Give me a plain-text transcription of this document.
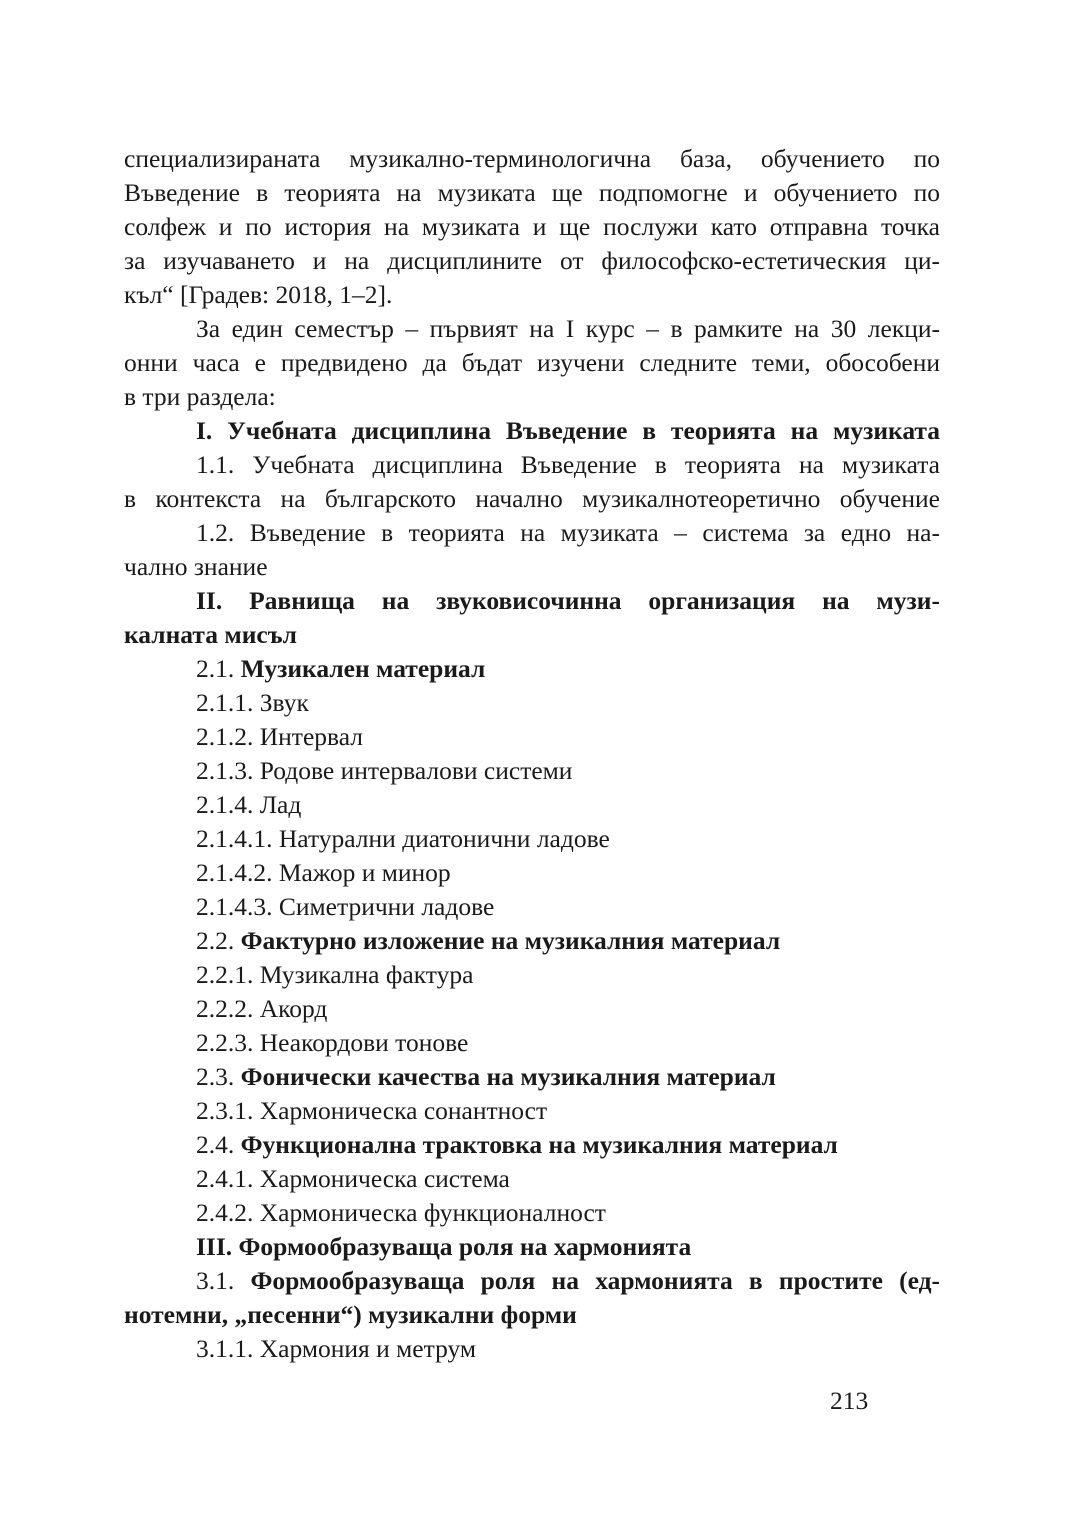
специализираната музикално-терминологична база, обучението по
Въведение в теорията на музиката ще подпомогне и обучението по
солфеж и по история на музиката и ще послужи като отправна точка
за изучаването и на дисциплините от философско-естетическия ци-
къл“ [Градев: 2018, 1–2].
За един семестър – първият на I курс – в рамките на 30 лекци-
онни часа е предвидено да бъдат изучени следните теми, обособени
в три раздела:
I. Учебната дисциплина Въведение в теорията на музиката
1.1. Учебната дисциплина Въведение в теорията на музиката
в контекста на българското начално музикалнотеоретично обучение
1.2. Въведение в теорията на музиката – система за едно на-
чално знание
II. Равнища на звуковисочинна организация на музи-
калната мисъл
2.1. Музикален материал
2.1.1. Звук
2.1.2. Интервал
2.1.3. Родове интервалови системи
2.1.4. Лад
2.1.4.1. Натурални диатонични ладове
2.1.4.2. Мажор и минор
2.1.4.3. Симетрични ладове
2.2. Фактурно изложение на музикалния материал
2.2.1. Музикална фактура
2.2.2. Акорд
2.2.3. Неакордови тонове
2.3. Фонически качества на музикалния материал
2.3.1. Хармоническа сонантност
2.4. Функционална трактовка на музикалния материал
2.4.1. Хармоническа система
2.4.2. Хармоническа функционалност
III. Формообразуваща роля на хармонията
3.1. Формообразуваща роля на хармонията в простите (ед-
нотемни, „песенни“) музикални форми
3.1.1. Хармония и метрум
213
